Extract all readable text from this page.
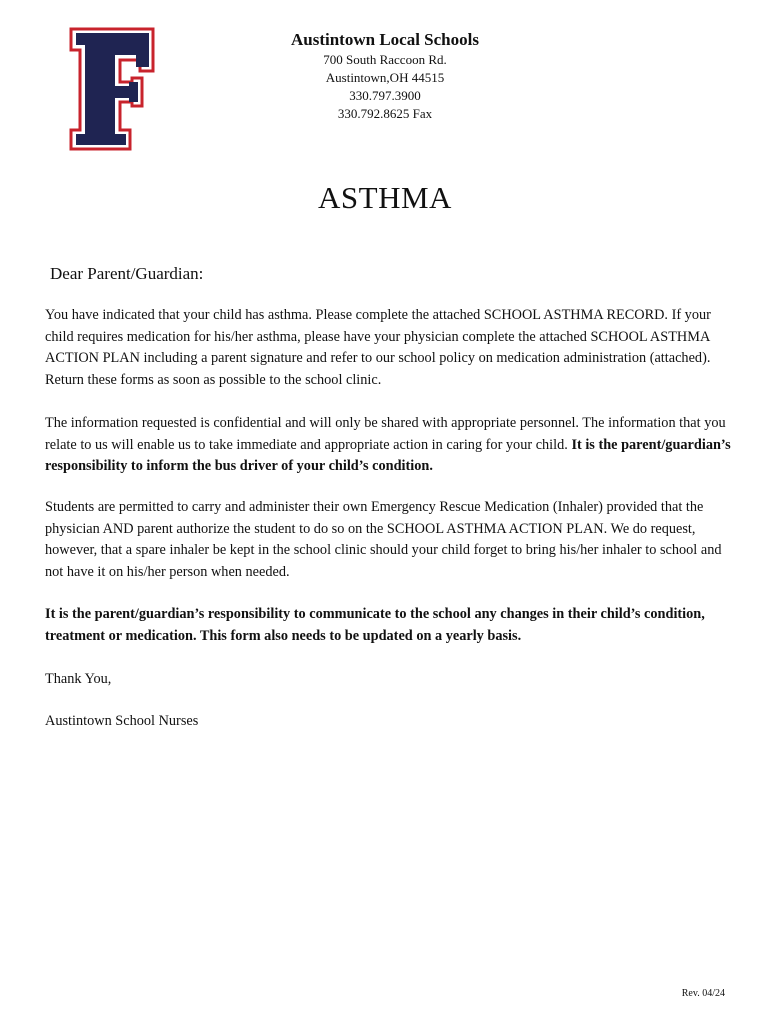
Austintown Local Schools
700 South Raccoon Rd.
Austintown,OH 44515
330.797.3900
330.792.8625 Fax
ASTHMA
Dear Parent/Guardian:

You have indicated that your child has asthma. Please complete the attached SCHOOL ASTHMA RECORD. If your child requires medication for his/her asthma, please have your physician complete the attached SCHOOL ASTHMA ACTION PLAN including a parent signature and refer to our school policy on medication administration (attached). Return these forms as soon as possible to the school clinic.

The information requested is confidential and will only be shared with appropriate personnel. The information that you relate to us will enable us to take immediate and appropriate action in caring for your child. It is the parent/guardian’s responsibility to inform the bus driver of your child’s condition.

Students are permitted to carry and administer their own Emergency Rescue Medication (Inhaler) provided that the physician AND parent authorize the student to do so on the SCHOOL ASTHMA ACTION PLAN. We do request, however, that a spare inhaler be kept in the school clinic should your child forget to bring his/her inhaler to school and not have it on his/her person when needed.

It is the parent/guardian’s responsibility to communicate to the school any changes in their child’s condition, treatment or medication. This form also needs to be updated on a yearly basis.

Thank You,

Austintown School Nurses

Rev. 04/24
